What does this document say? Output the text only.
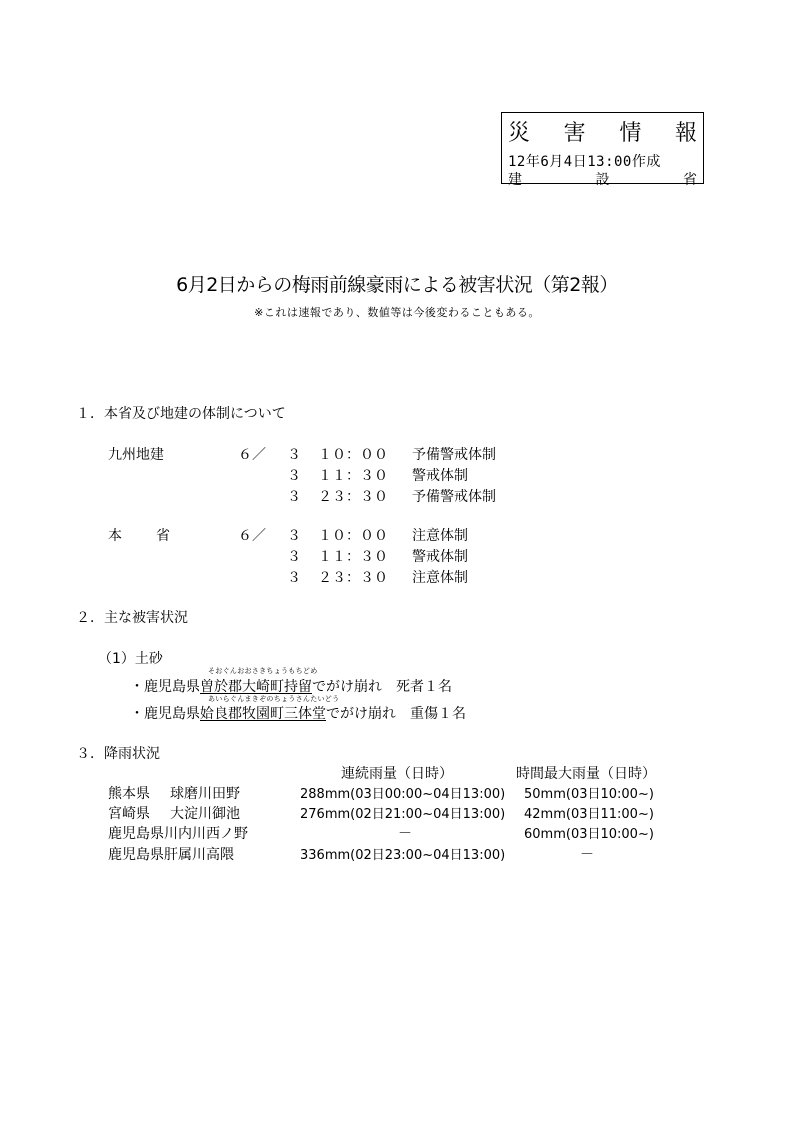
災 害 情 報
12年6月4日13:00作成
建	設	省
6月2日からの梅雨前線豪雨による被害状況（第2報）
※これは速報であり、数値等は今後変わることもある。
１．本省及び地建の体制について
九州地建	６／ ３ １０：００ 予備警戒体制
３ １１：３０ 警戒体制
３ ２３：３０ 予備警戒体制
本 省	６／ ３ １０：００ 注意体制
３ １１：３０ 警戒体制
３ ２３：３０ 注意体制
２．主な被害状況
（1）土砂
そおぐんおおさきちょうもちどめ
・鹿児島県曽於郡大崎町持留でがけ崩れ 死者１名
あいらぐんまきぞのちょうさんたいどう
・鹿児島県姶良郡牧園町三体堂でがけ崩れ 重傷１名
３．降雨状況
連続雨量（日時）	時間最大雨量（日時）
熊本県 球磨川田野	288mm(03日00:00~04日13:00) 50mm(03日10:00~)
宮崎県 大淀川御池	276mm(02日21:00~04日13:00) 42mm(03日11:00~)
鹿児島県 川内川西ノ野	－	60mm(03日10:00~)
鹿児島県 肝属川高隈	336mm(02日23:00~04日13:00)	－
